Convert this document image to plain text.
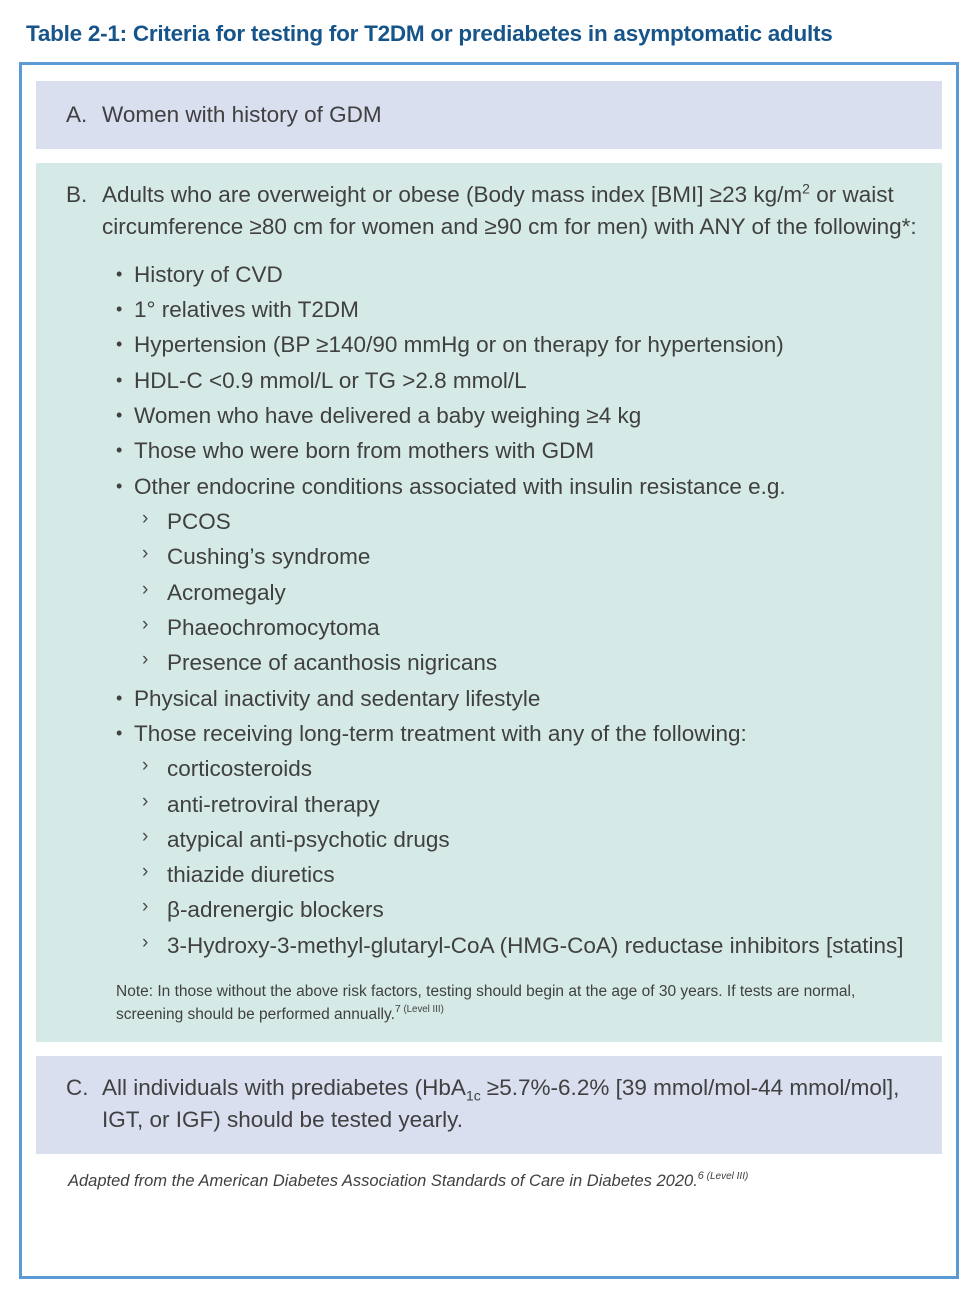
Table 2-1: Criteria for testing for T2DM or prediabetes in asymptomatic adults
A. Women with history of GDM
B. Adults who are overweight or obese (Body mass index [BMI] ≥23 $kg/m^2$ or waist circumference ≥80 cm for women and ≥90 cm for men) with ANY of the following*:
• History of CVD
• 1° relatives with T2DM
• Hypertension (BP ≥140/90 mmHg or on therapy for hypertension)
• HDL-C <0.9 mmol/L or TG >2.8 mmol/L
• Women who have delivered a baby weighing ≥4 kg
• Those who were born from mothers with GDM
• Other endocrine conditions associated with insulin resistance e.g.
› PCOS
› Cushing’s syndrome
› Acromegaly
› Phaeochromocytoma
› Presence of acanthosis nigricans
• Physical inactivity and sedentary lifestyle
• Those receiving long-term treatment with any of the following:
› corticosteroids
› anti-retroviral therapy
› atypical anti-psychotic drugs
› thiazide diuretics
› β-adrenergic blockers
› 3-Hydroxy-3-methyl-glutaryl-CoA (HMG-CoA) reductase inhibitors [statins]
Note: In those without the above risk factors, testing should begin at the age of 30 years. If tests are normal, screening should be performed annually.$^{7 (Level III)}$
C. All individuals with prediabetes (HbA$_{1c}$ ≥5.7%-6.2% [39 mmol/mol-44 mmol/mol], IGT, or IGF) should be tested yearly.
Adapted from the American Diabetes Association Standards of Care in Diabetes 2020.$^{6 (Level III)}$
